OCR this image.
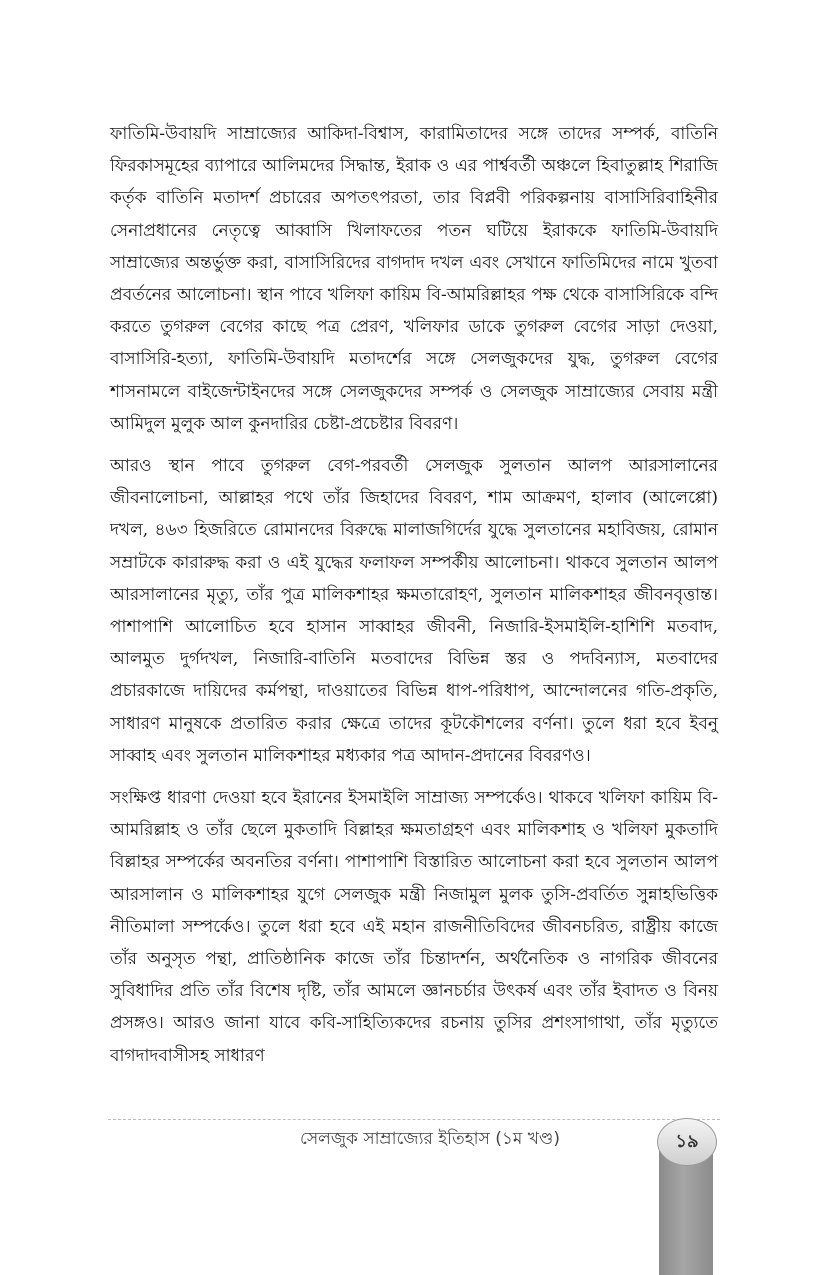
ফাতিমি-উবায়দি সাম্রাজ্যের আকিদা-বিশ্বাস, কারামিতাদের সঙ্গে তাদের সম্পর্ক, বাতিনি ফিরকাসমূহের ব্যাপারে আলিমদের সিদ্ধান্ত, ইরাক ও এর পার্শ্ববর্তী অঞ্চলে হিবাতুল্লাহ শিরাজি কর্তৃক বাতিনি মতাদর্শ প্রচারের অপতৎপরতা, তার বিপ্লবী পরিকল্পনায় বাসাসিরিবাহিনীর সেনাপ্রধানের নেতৃত্বে আব্বাসি খিলাফতের পতন ঘটিয়ে ইরাককে ফাতিমি-উবায়দি সাম্রাজ্যের অন্তর্ভুক্ত করা, বাসাসিরিদের বাগদাদ দখল এবং সেখানে ফাতিমিদের নামে খুতবা প্রবর্তনের আলোচনা। স্থান পাবে খলিফা কায়িম বি-আমরিল্লাহর পক্ষ থেকে বাসাসিরিকে বন্দি করতে তুগরুল বেগের কাছে পত্র প্রেরণ, খলিফার ডাকে তুগরুল বেগের সাড়া দেওয়া, বাসাসিরি-হত্যা, ফাতিমি-উবায়দি মতাদর্শের সঙ্গে সেলজুকদের যুদ্ধ, তুগরুল বেগের শাসনামলে বাইজেন্টাইনদের সঙ্গে সেলজুকদের সম্পর্ক ও সেলজুক সাম্রাজ্যের সেবায় মন্ত্রী আমিদুল মুলুক আল কুনদারির চেষ্টা-প্রচেষ্টার বিবরণ।

আরও স্থান পাবে তুগরুল বেগ-পরবর্তী সেলজুক সুলতান আলপ আরসালানের জীবনালোচনা, আল্লাহর পথে তাঁর জিহাদের বিবরণ, শাম আক্রমণ, হালাব (আলেপ্পো) দখল, ৪৬৩ হিজরিতে রোমানদের বিরুদ্ধে মালাজগির্দের যুদ্ধে সুলতানের মহাবিজয়, রোমান সম্রাটকে কারারুদ্ধ করা ও এই যুদ্ধের ফলাফল সম্পর্কীয় আলোচনা। থাকবে সুলতান আলপ আরসালানের মৃত্যু, তাঁর পুত্র মালিকশাহর ক্ষমতারোহণ, সুলতান মালিকশাহর জীবনবৃত্তান্ত। পাশাপাশি আলোচিত হবে হাসান সাব্বাহর জীবনী, নিজারি-ইসমাইলি-হাশিশি মতবাদ, আলমুত দুর্গদখল, নিজারি-বাতিনি মতবাদের বিভিন্ন স্তর ও পদবিন্যাস, মতবাদের প্রচারকাজে দায়িদের কর্মপন্থা, দাওয়াতের বিভিন্ন ধাপ-পরিধাপ, আন্দোলনের গতি-প্রকৃতি, সাধারণ মানুষকে প্রতারিত করার ক্ষেত্রে তাদের কূটকৌশলের বর্ণনা। তুলে ধরা হবে ইবনু সাব্বাহ এবং সুলতান মালিকশাহর মধ্যকার পত্র আদান-প্রদানের বিবরণও।

সংক্ষিপ্ত ধারণা দেওয়া হবে ইরানের ইসমাইলি সাম্রাজ্য সম্পর্কেও। থাকবে খলিফা কায়িম বি-আমরিল্লাহ ও তাঁর ছেলে মুকতাদি বিল্লাহর ক্ষমতাগ্রহণ এবং মালিকশাহ ও খলিফা মুকতাদি বিল্লাহর সম্পর্কের অবনতির বর্ণনা। পাশাপাশি বিস্তারিত আলোচনা করা হবে সুলতান আলপ আরসালান ও মালিকশাহর যুগে সেলজুক মন্ত্রী নিজামুল মুলক তুসি-প্রবর্তিত সুন্নাহভিত্তিক নীতিমালা সম্পর্কেও। তুলে ধরা হবে এই মহান রাজনীতিবিদের জীবনচরিত, রাষ্ট্রীয় কাজে তাঁর অনুসৃত পন্থা, প্রাতিষ্ঠানিক কাজে তাঁর চিন্তাদর্শন, অর্থনৈতিক ও নাগরিক জীবনের সুবিধাদির প্রতি তাঁর বিশেষ দৃষ্টি, তাঁর আমলে জ্ঞানচর্চার উৎকর্ষ এবং তাঁর ইবাদত ও বিনয় প্রসঙ্গও। আরও জানা যাবে কবি-সাহিত্যিকদের রচনায় তুসির প্রশংসাগাথা, তাঁর মৃত্যুতে বাগদাদবাসীসহ সাধারণ

সেলজুক সাম্রাজ্যের ইতিহাস (১ম খণ্ড)	১৯
